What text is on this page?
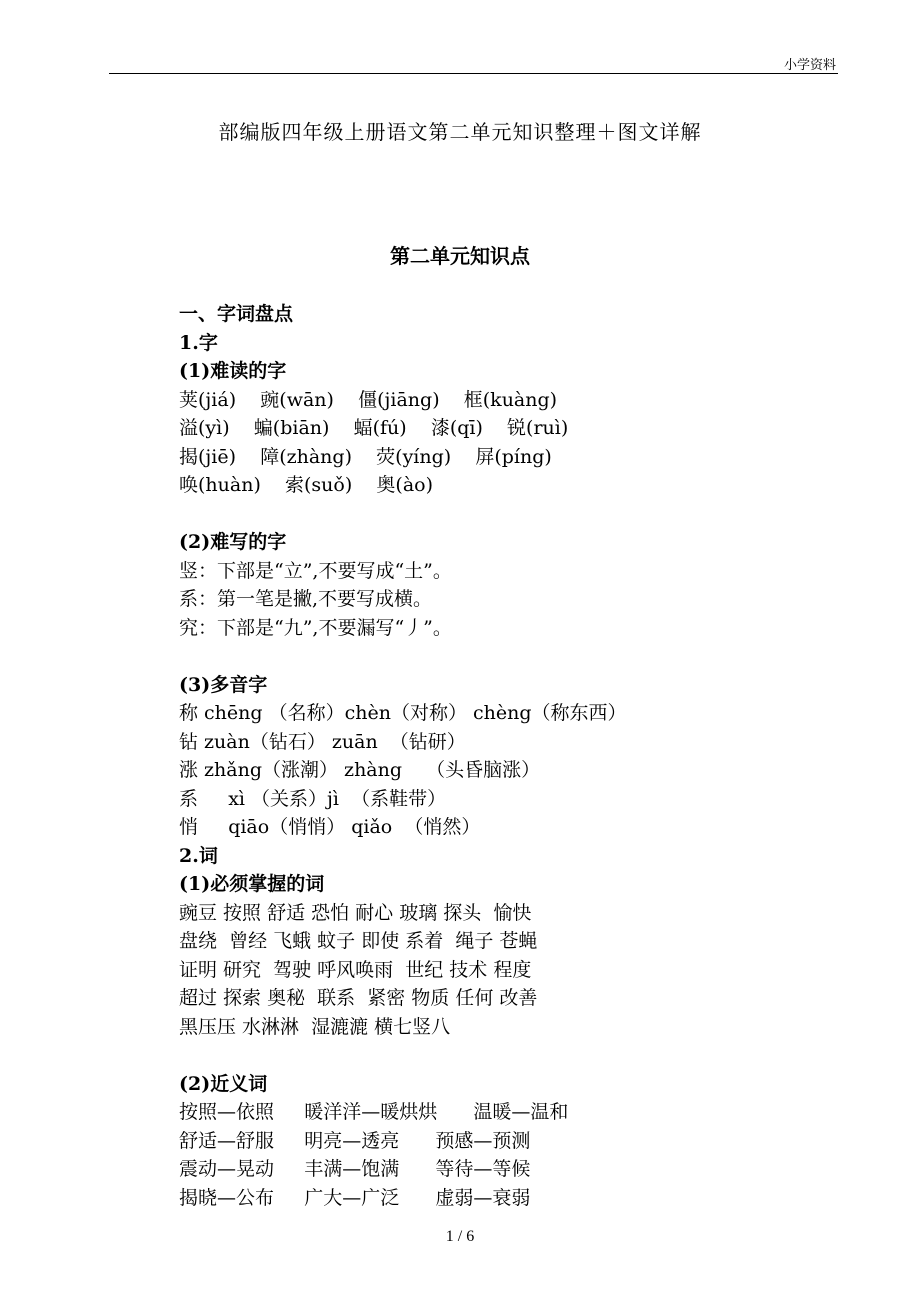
小学资料
部编版四年级上册语文第二单元知识整理＋图文详解
第二单元知识点
一、字词盘点
1.字
(1)难读的字
荚(jiá)    豌(wān)    僵(jiāng)    框(kuàng)
溢(yì)    蝙(biān)    蝠(fú)    漆(qī)    锐(ruì)
揭(jiē)    障(zhàng)    荧(yíng)    屏(píng)
唤(huàn)    索(suǒ)    奥(ào)
(2)难写的字
竖：下部是“立”,不要写成“土”。
系：第一笔是撇,不要写成横。
究：下部是“九”,不要漏写“丿”。
(3)多音字
称 chēng （名称）chèn（对称） chèng（称东西）
钻 zuàn（钻石） zuān  （钻研）
涨 zhǎng（涨潮） zhàng    （头昏脑涨）
系     xì （关系）jì  （系鞋带）
悄     qiāo（悄悄） qiǎo  （悄然）
2.词
(1)必须掌握的词
豌豆 按照 舒适 恐怕 耐心 玻璃 探头  愉快
盘绕  曾经 飞蛾 蚊子 即使 系着  绳子 苍蝇
证明 研究  驾驶 呼风唤雨  世纪 技术 程度
超过 探索 奥秘  联系  紧密 物质 任何 改善
黑压压 水淋淋  湿漉漉 横七竖八
(2)近义词
按照—依照     暖洋洋—暖烘烘      温暖—温和
舒适—舒服     明亮—透亮      预感—预测
震动—晃动     丰满—饱满      等待—等候
揭晓—公布     广大—广泛      虚弱—衰弱
1 / 6
